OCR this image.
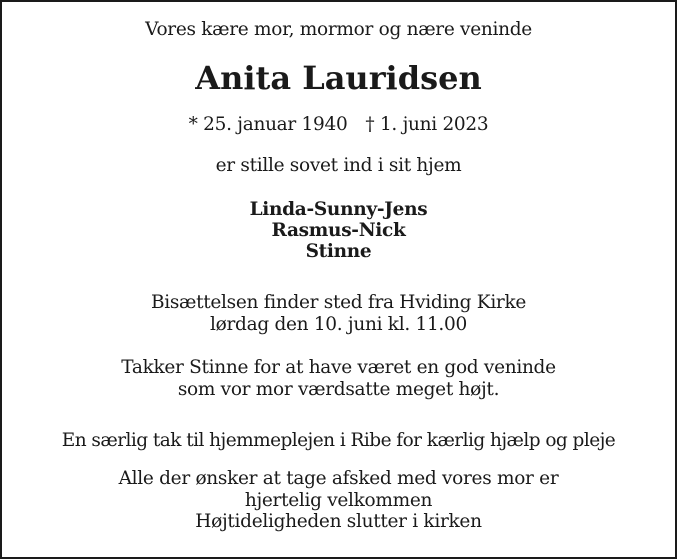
Vores kære mor, mormor og nære veninde

Anita Lauridsen

* 25. januar 1940 † 1. juni 2023

er stille sovet ind i sit hjem

Linda-Sunny-Jens
Rasmus-Nick
Stinne
Bisættelsen finder sted fra Hviding Kirke
lørdag den 10. juni kl. 11.00
Takker Stinne for at have været en god veninde
som vor mor værdsatte meget højt.

En særlig tak til hjemmeplejen i Ribe for kærlig hjælp og pleje

Alle der ønsker at tage afsked med vores mor er
hjertelig velkommen
Højtideligheden slutter i kirken
